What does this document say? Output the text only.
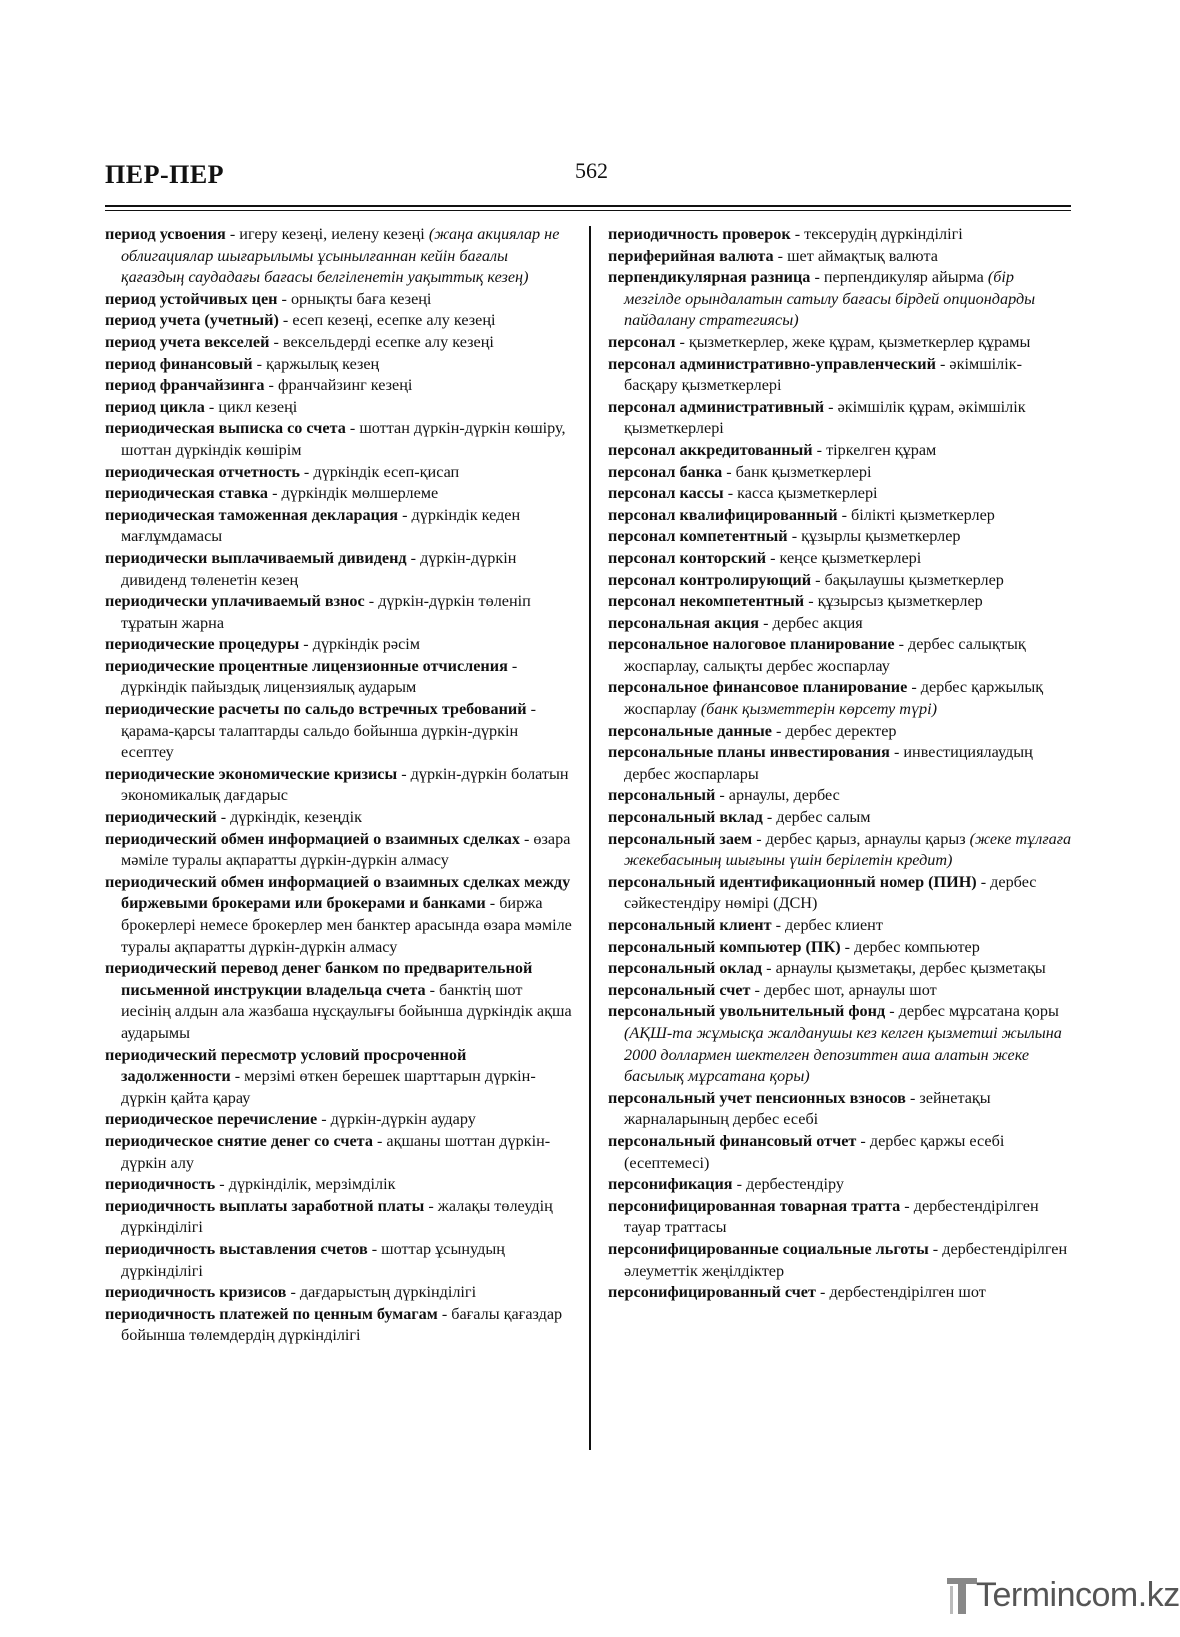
ПЕР-ПЕР	562

период усвоения - игеру кезеңі, иелену кезеңі (жаңа акциялар не облигациялар шығарылымы ұсынылғаннан кейін бағалы қағаздың саудадағы бағасы белгіленетін уақыттық кезең)

период устойчивых цен - орнықты баға кезеңі

период учета (учетный) - есеп кезеңі, есепке алу кезеңі

период учета векселей - вексельдерді есепке алу кезеңі

период финансовый - қаржылық кезең

период франчайзинга - франчайзинг кезеңі

период цикла - цикл кезеңі

периодическая выписка со счета - шоттан дүркін-дүркін көшіру, шоттан дүркіндік көшірім

периодическая отчетность - дүркіндік есеп-қисап

периодическая ставка - дүркіндік мөлшерлеме

периодическая таможенная декларация - дүркіндік кеден мағлұмдамасы

периодически выплачиваемый дивиденд - дүркін-дүркін дивиденд төленетін кезең

периодически уплачиваемый взнос - дүркін-дүркін төленіп тұратын жарна

периодические процедуры - дүркіндік рәсім

периодические процентные лицензионные отчисления - дүркіндік пайыздық лицензиялық аударым

периодические расчеты по сальдо встречных требований - қарама-қарсы талаптарды сальдо бойынша дүркін-дүркін есептеу

периодические экономические кризисы - дүркін-дүркін болатын экономикалық дағдарыс

периодический - дүркіндік, кезеңдік

периодический обмен информацией о взаимных сделках - өзара мәміле туралы ақпаратты дүркін-дүркін алмасу

периодический обмен информацией о взаимных сделках между биржевыми брокерами или брокерами и банками - биржа брокерлері немесе брокерлер мен банктер арасында өзара мәміле туралы ақпаратты дүркін-дүркін алмасу

периодический перевод денег банком по предварительной письменной инструкции владельца счета - банктің шот иесінің алдын ала жазбаша нұсқаулығы бойынша дүркіндік ақша аударымы

периодический пересмотр условий просроченной задолженности - мерзімі өткен берешек шарттарын дүркін-дүркін қайта қарау

периодическое перечисление - дүркін-дүркін аудару

периодическое снятие денег со счета - ақшаны шоттан дүркін-дүркін алу

периодичность - дүркінділік, мерзімділік

периодичность выплаты заработной платы - жалақы төлеудің дүркінділігі

периодичность выставления счетов - шоттар ұсынудың дүркінділігі

периодичность кризисов - дағдарыстың дүркінділігі

периодичность платежей по ценным бумагам - бағалы қағаздар бойынша төлемдердің дүркінділігі

периодичность проверок - тексерудің дүркінділігі

периферийная валюта - шет аймақтық валюта

перпендикулярная разница - перпендикуляр айырма (бір мезгілде орындалатын сатылу бағасы бірдей опциондарды пайдалану стратегиясы)

персонал - қызметкерлер, жеке құрам, қызметкерлер құрамы

персонал административно-управленческий - әкімшілік-басқару қызметкерлері

персонал административный - әкімшілік құрам, әкімшілік қызметкерлері

персонал аккредитованный - тіркелген құрам

персонал банка - банк қызметкерлері

персонал кассы - касса қызметкерлері

персонал квалифицированный - білікті қызметкерлер

персонал компетентный - құзырлы қызметкерлер

персонал конторский - кеңсе қызметкерлері

персонал контролирующий - бақылаушы қызметкерлер

персонал некомпетентный - құзырсыз қызметкерлер

персональная акция - дербес акция

персональное налоговое планирование - дербес салықтық жоспарлау, салықты дербес жоспарлау

персональное финансовое планирование - дербес қаржылық жоспарлау (банк қызметтерін көрсету түрі)

персональные данные - дербес деректер

персональные планы инвестирования - инвестициялаудың дербес жоспарлары

персональный - арнаулы, дербес

персональный вклад - дербес салым

персональный заем - дербес қарыз, арнаулы қарыз (жеке тұлғаға жекебасының шығыны үшін берілетін кредит)

персональный идентификационный номер (ПИН) - дербес сәйкестендіру нөмірі (ДСН)

персональный клиент - дербес клиент

персональный компьютер (ПК) - дербес компьютер

персональный оклад - арнаулы қызметақы, дербес қызметақы

персональный счет - дербес шот, арнаулы шот

персональный увольнительный фонд - дербес мұрсатана қоры (АҚШ-та жұмысқа жалданушы кез келген қызметші жылына 2000 доллармен шектелген депозиттен аша алатын жеке басылық мұрсатана қоры)

персональный учет пенсионных взносов - зейнетақы жарналарының дербес есебі

персональный финансовый отчет - дербес қаржы есебі (есептемесі)

персонификация - дербестендіру

персонифицированная товарная тратта - дербестендірілген тауар траттасы

персонифицированные социальные льготы - дербестендірілген әлеуметтік жеңілдіктер

персонифицированный счет - дербестендірілген шот

Termincom.kz
